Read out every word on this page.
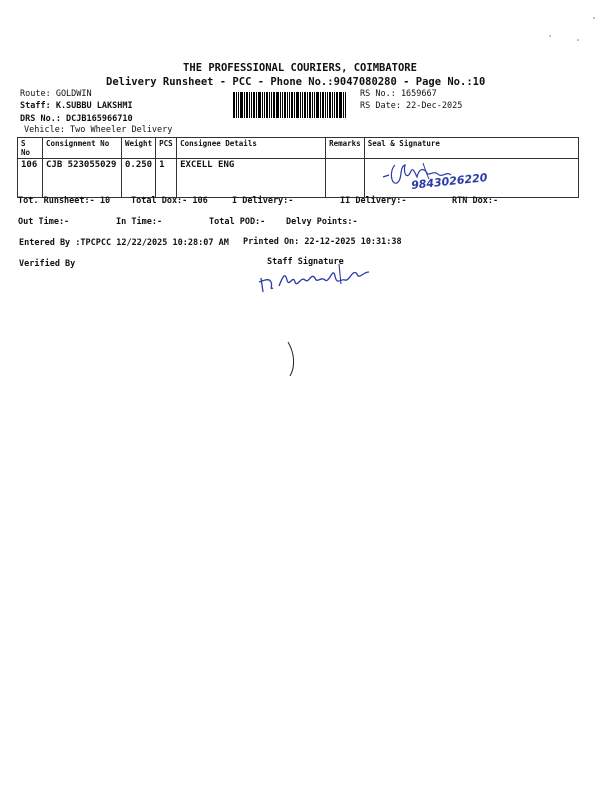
THE PROFESSIONAL COURIERS, COIMBATORE
Delivery Runsheet - PCC - Phone No.:9047080280 - Page No.:10
Route: GOLDWIN
Staff: K.SUBBU LAKSHMI
DRS No.: DCJB165966710
Vehicle: Two Wheeler Delivery
RS No.: 1659667
RS Date: 22-Dec-2025
S No	Consignment No	Weight	PCS	Consignee Details	Remarks	Seal & Signature
106	CJB 523055029	0.250	1	EXCELL ENG		9843026220
Tot. Runsheet:- 10 Total Dox:- 106	I Delivery:-	II Delivery:-	RTN Dox:-
Out Time:-	In Time:-	Total POD:- Delvy Points:-
Entered By :TPCPCC 12/22/2025 10:28:07 AM Printed On: 22-12-2025 10:31:38
Verified By	Staff Signature
